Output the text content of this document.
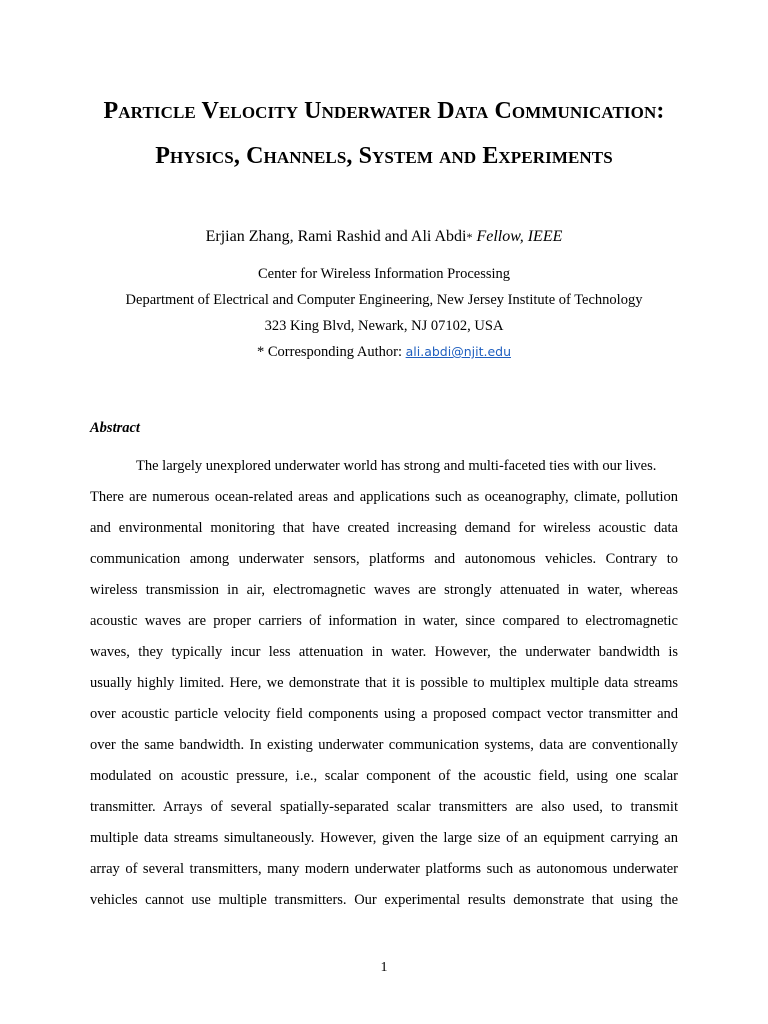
Particle Velocity Underwater Data Communication:
Physics, Channels, System and Experiments
Erjian Zhang, Rami Rashid and Ali Abdi* Fellow, IEEE
Center for Wireless Information Processing
Department of Electrical and Computer Engineering, New Jersey Institute of Technology
323 King Blvd, Newark, NJ 07102, USA
* Corresponding Author: ali.abdi@njit.edu
Abstract
The largely unexplored underwater world has strong and multi-faceted ties with our lives.
There are numerous ocean-related areas and applications such as oceanography, climate, pollution
and environmental monitoring that have created increasing demand for wireless acoustic data
communication among underwater sensors, platforms and autonomous vehicles. Contrary to
wireless transmission in air, electromagnetic waves are strongly attenuated in water, whereas
acoustic waves are proper carriers of information in water, since compared to electromagnetic
waves, they typically incur less attenuation in water. However, the underwater bandwidth is
usually highly limited. Here, we demonstrate that it is possible to multiplex multiple data streams
over acoustic particle velocity field components using a proposed compact vector transmitter and
over the same bandwidth. In existing underwater communication systems, data are conventionally
modulated on acoustic pressure, i.e., scalar component of the acoustic field, using one scalar
transmitter. Arrays of several spatially-separated scalar transmitters are also used, to transmit
multiple data streams simultaneously. However, given the large size of an equipment carrying an
array of several transmitters, many modern underwater platforms such as autonomous underwater
vehicles cannot use multiple transmitters. Our experimental results demonstrate that using the
1
